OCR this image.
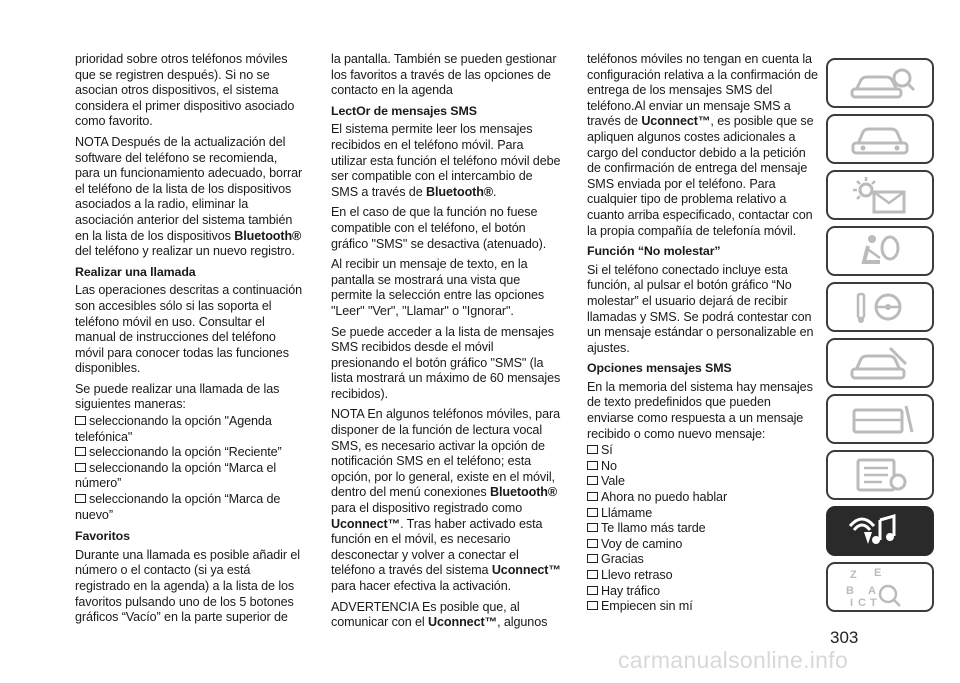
prioridad sobre otros teléfonos móviles que se registren después). Si no se asocian otros dispositivos, el sistema considera el primer dispositivo asociado como favorito.

NOTA Después de la actualización del software del teléfono se recomienda, para un funcionamiento adecuado, borrar el teléfono de la lista de los dispositivos asociados a la radio, eliminar la asociación anterior del sistema también en la lista de los dispositivos Bluetooth® del teléfono y realizar un nuevo registro.

Realizar una llamada

Las operaciones descritas a continuación son accesibles sólo si las soporta el teléfono móvil en uso. Consultar el manual de instrucciones del teléfono móvil para conocer todas las funciones disponibles.

Se puede realizar una llamada de las siguientes maneras:

seleccionando la opción "Agenda telefónica"
seleccionando la opción “Reciente”
seleccionando la opción “Marca el número”
seleccionando la opción “Marca de nuevo”
Favoritos

Durante una llamada es posible añadir el número o el contacto (si ya está registrado en la agenda) a la lista de los favoritos pulsando uno de los 5 botones gráficos “Vacío” en la parte superior de

la pantalla. También se pueden gestionar los favoritos a través de las opciones de contacto en la agenda

LectOr de mensajes SMS

El sistema permite leer los mensajes recibidos en el teléfono móvil. Para utilizar esta función el teléfono móvil debe ser compatible con el intercambio de SMS a través de Bluetooth®.

En el caso de que la función no fuese compatible con el teléfono, el botón gráfico "SMS" se desactiva (atenuado).

Al recibir un mensaje de texto, en la pantalla se mostrará una vista que permite la selección entre las opciones "Leer" "Ver", "Llamar" o "Ignorar".

Se puede acceder a la lista de mensajes SMS recibidos desde el móvil presionando el botón gráfico "SMS" (la lista mostrará un máximo de 60 mensajes recibidos).

NOTA En algunos teléfonos móviles, para disponer de la función de lectura vocal SMS, es necesario activar la opción de notificación SMS en el teléfono; esta opción, por lo general, existe en el móvil, dentro del menú conexiones Bluetooth® para el dispositivo registrado como Uconnect™. Tras haber activado esta función en el móvil, es necesario desconectar y volver a conectar el teléfono a través del sistema Uconnect™ para hacer efectiva la activación.

ADVERTENCIA Es posible que, al comunicar con el Uconnect™, algunos

teléfonos móviles no tengan en cuenta la configuración relativa a la confirmación de entrega de los mensajes SMS del teléfono.Al enviar un mensaje SMS a través de Uconnect™, es posible que se apliquen algunos costes adicionales a cargo del conductor debido a la petición de confirmación de entrega del mensaje SMS enviada por el teléfono. Para cualquier tipo de problema relativo a cuanto arriba especificado, contactar con la propia compañía de telefonía móvil.

Función “No molestar”

Si el teléfono conectado incluye esta función, al pulsar el botón gráfico “No molestar” el usuario dejará de recibir llamadas y SMS. Se podrá contestar con un mensaje estándar o personalizable en ajustes.

Opciones mensajes SMS

En la memoria del sistema hay mensajes de texto predefinidos que pueden enviarse como respuesta a un mensaje recibido o como nuevo mensaje:

Sí
No
Vale
Ahora no puedo hablar
Llámame
Te llamo más tarde
Voy de camino
Gracias
Llevo retraso
Hay tráfico
Empiecen sin mí
Z E
B A
I C T
303
carmanualsonline.info
